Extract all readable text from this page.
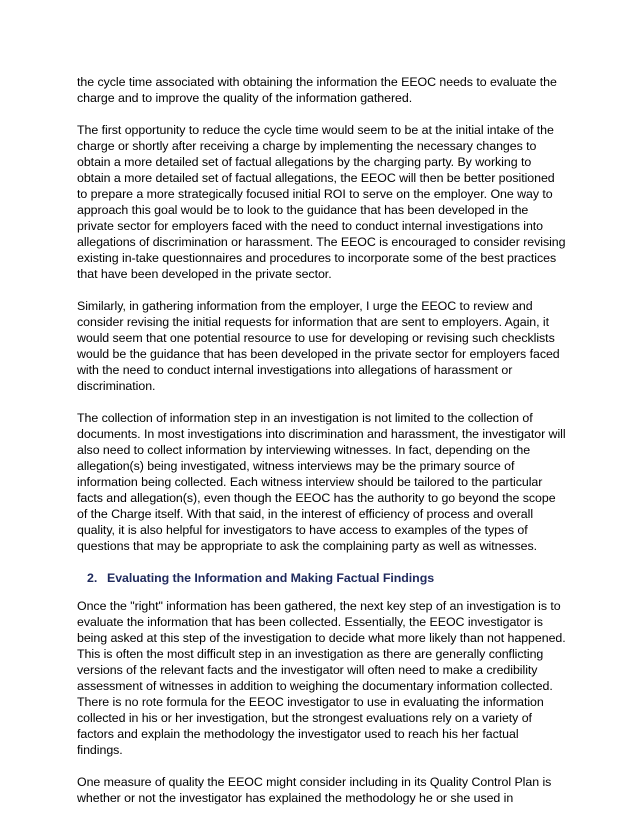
the cycle time associated with obtaining the information the EEOC needs to evaluate the charge and to improve the quality of the information gathered.

The first opportunity to reduce the cycle time would seem to be at the initial intake of the charge or shortly after receiving a charge by implementing the necessary changes to obtain a more detailed set of factual allegations by the charging party. By working to obtain a more detailed set of factual allegations, the EEOC will then be better positioned to prepare a more strategically focused initial ROI to serve on the employer. One way to approach this goal would be to look to the guidance that has been developed in the private sector for employers faced with the need to conduct internal investigations into allegations of discrimination or harassment. The EEOC is encouraged to consider revising existing in-take questionnaires and procedures to incorporate some of the best practices that have been developed in the private sector.

Similarly, in gathering information from the employer, I urge the EEOC to review and consider revising the initial requests for information that are sent to employers. Again, it would seem that one potential resource to use for developing or revising such checklists would be the guidance that has been developed in the private sector for employers faced with the need to conduct internal investigations into allegations of harassment or discrimination.

The collection of information step in an investigation is not limited to the collection of documents. In most investigations into discrimination and harassment, the investigator will also need to collect information by interviewing witnesses. In fact, depending on the allegation(s) being investigated, witness interviews may be the primary source of information being collected. Each witness interview should be tailored to the particular facts and allegation(s), even though the EEOC has the authority to go beyond the scope of the Charge itself. With that said, in the interest of efficiency of process and overall quality, it is also helpful for investigators to have access to examples of the types of questions that may be appropriate to ask the complaining party as well as witnesses.

2. Evaluating the Information and Making Factual Findings

Once the "right" information has been gathered, the next key step of an investigation is to evaluate the information that has been collected. Essentially, the EEOC investigator is being asked at this step of the investigation to decide what more likely than not happened. This is often the most difficult step in an investigation as there are generally conflicting versions of the relevant facts and the investigator will often need to make a credibility assessment of witnesses in addition to weighing the documentary information collected. There is no rote formula for the EEOC investigator to use in evaluating the information collected in his or her investigation, but the strongest evaluations rely on a variety of factors and explain the methodology the investigator used to reach his her factual findings.

One measure of quality the EEOC might consider including in its Quality Control Plan is whether or not the investigator has explained the methodology he or she used in
